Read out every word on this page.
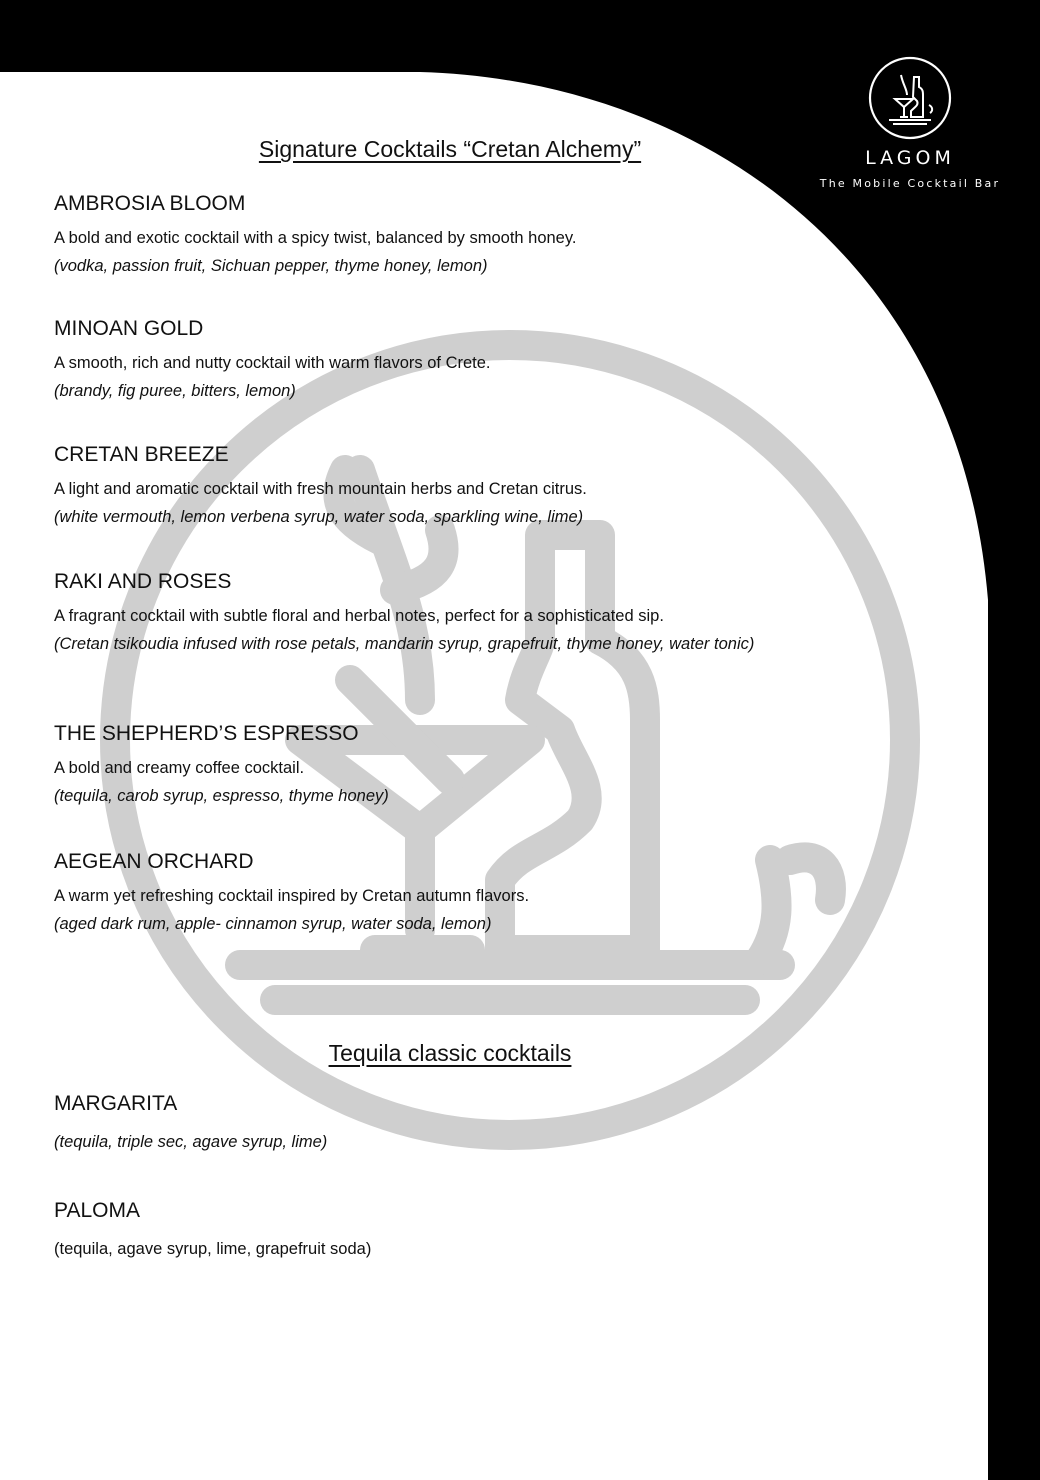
LAGOM
The Mobile Cocktail Bar
Signature Cocktails “Cretan Alchemy”
AMBROSIA BLOOM
A bold and exotic cocktail with a spicy twist, balanced by smooth honey.
(vodka, passion fruit, Sichuan pepper, thyme honey, lemon)
MINOAN GOLD
A smooth, rich and nutty cocktail with warm flavors of Crete.
(brandy, fig puree, bitters, lemon)
CRETAN BREEZE
A light and aromatic cocktail with fresh mountain herbs and Cretan citrus.
(white vermouth, lemon verbena syrup, water soda, sparkling wine, lime)
RAKI AND ROSES
A fragrant cocktail with subtle floral and herbal notes, perfect for a sophisticated sip.
(Cretan tsikoudia infused with rose petals, mandarin syrup, grapefruit, thyme honey, water tonic)
THE SHEPHERD’S ESPRESSO
A bold and creamy coffee cocktail.
(tequila, carob syrup, espresso, thyme honey)
AEGEAN ORCHARD
A warm yet refreshing cocktail inspired by Cretan autumn flavors.
(aged dark rum, apple- cinnamon syrup, water soda, lemon)
Tequila classic cocktails
MARGARITA
(tequila, triple sec, agave syrup, lime)
PALOMA
(tequila, agave syrup, lime, grapefruit soda)
